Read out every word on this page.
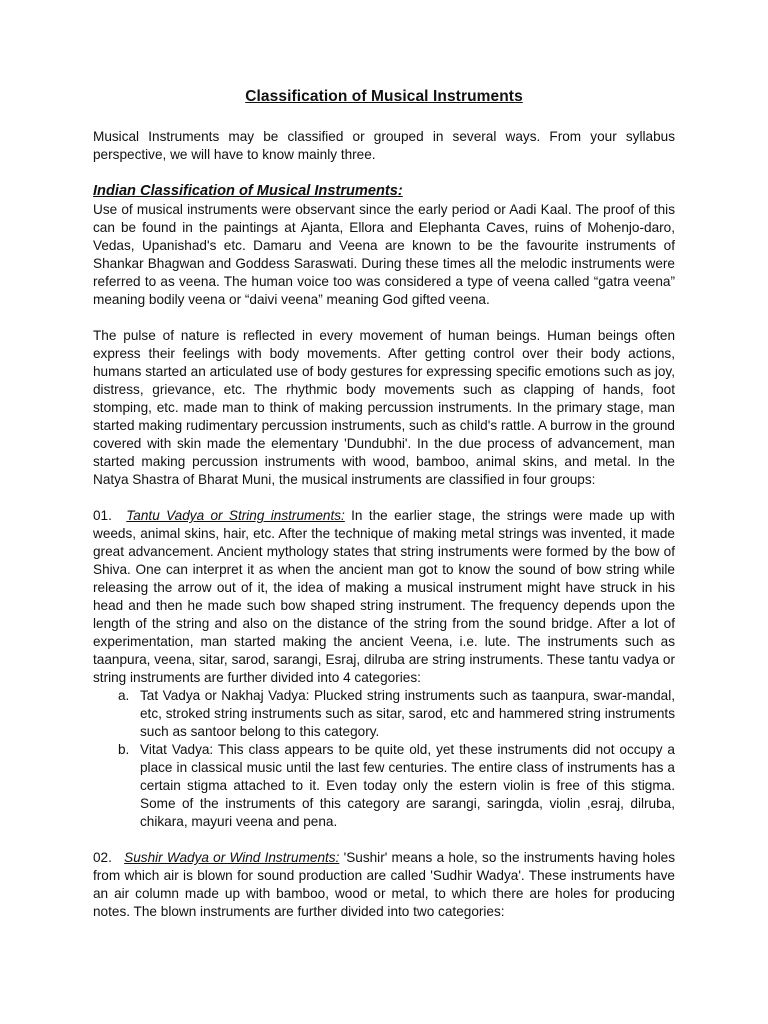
Classification of Musical Instruments

Musical Instruments may be classified or grouped in several ways. From your syllabus perspective, we will have to know mainly three.

Indian Classification of Musical Instruments:

Use of musical instruments were observant since the early period or Aadi Kaal. The proof of this can be found in the paintings at Ajanta, Ellora and Elephanta Caves, ruins of Mohenjo-daro, Vedas, Upanishad's etc. Damaru and Veena are known to be the favourite instruments of Shankar Bhagwan and Goddess Saraswati. During these times all the melodic instruments were referred to as veena. The human voice too was considered a type of veena called “gatra veena” meaning bodily veena or “daivi veena” meaning God gifted veena.

The pulse of nature is reflected in every movement of human beings. Human beings often express their feelings with body movements. After getting control over their body actions, humans started an articulated use of body gestures for expressing specific emotions such as joy, distress, grievance, etc. The rhythmic body movements such as clapping of hands, foot stomping, etc. made man to think of making percussion instruments. In the primary stage, man started making rudimentary percussion instruments, such as child's rattle. A burrow in the ground covered with skin made the elementary 'Dundubhi'. In the due process of advancement, man started making percussion instruments with wood, bamboo, animal skins, and metal. In the Natya Shastra of Bharat Muni, the musical instruments are classified in four groups:

01. Tantu Vadya or String instruments: In the earlier stage, the strings were made up with weeds, animal skins, hair, etc. After the technique of making metal strings was invented, it made great advancement. Ancient mythology states that string instruments were formed by the bow of Shiva. One can interpret it as when the ancient man got to know the sound of bow string while releasing the arrow out of it, the idea of making a musical instrument might have struck in his head and then he made such bow shaped string instrument. The frequency depends upon the length of the string and also on the distance of the string from the sound bridge. After a lot of experimentation, man started making the ancient Veena, i.e. lute. The instruments such as taanpura, veena, sitar, sarod, sarangi, Esraj, dilruba are string instruments. These tantu vadya or string instruments are further divided into 4 categories:

a. Tat Vadya or Nakhaj Vadya: Plucked string instruments such as taanpura, swar-mandal, etc, stroked string instruments such as sitar, sarod, etc and hammered string instruments such as santoor belong to this category.
b. Vitat Vadya: This class appears to be quite old, yet these instruments did not occupy a place in classical music until the last few centuries. The entire class of instruments has a certain stigma attached to it. Even today only the estern violin is free of this stigma. Some of the instruments of this category are sarangi, saringda, violin ,esraj, dilruba, chikara, mayuri veena and pena.

02. Sushir Wadya or Wind Instruments: 'Sushir' means a hole, so the instruments having holes from which air is blown for sound production are called 'Sudhir Wadya'. These instruments have an air column made up with bamboo, wood or metal, to which there are holes for producing notes. The blown instruments are further divided into two categories:
